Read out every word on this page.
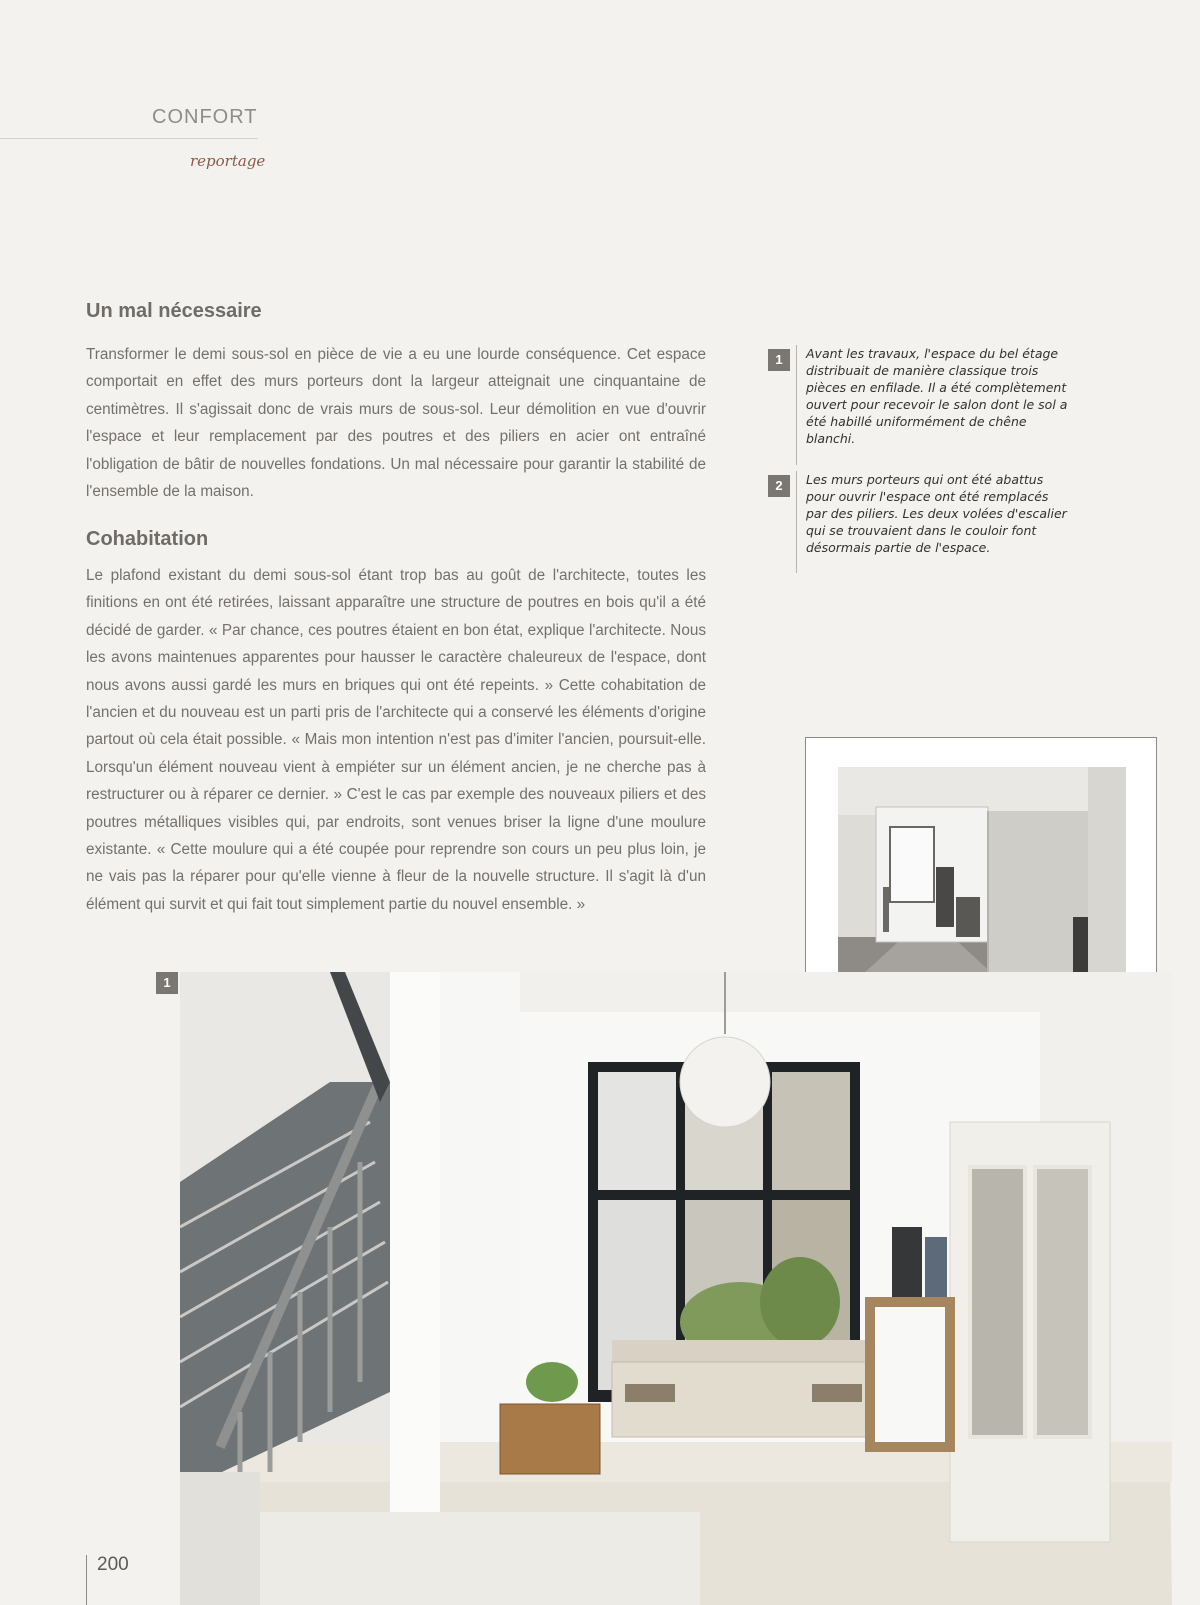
CONFORT
reportage
Un mal nécessaire
Transformer le demi sous-sol en pièce de vie a eu une lourde conséquence. Cet espace comportait en effet des murs porteurs dont la largeur atteignait une cinquantaine de centimètres. Il s'agissait donc de vrais murs de sous-sol. Leur démolition en vue d'ouvrir l'espace et leur remplacement par des poutres et des piliers en acier ont entraîné l'obligation de bâtir de nouvelles fondations. Un mal nécessaire pour garantir la stabilité de l'ensemble de la maison.
Cohabitation
Le plafond existant du demi sous-sol étant trop bas au goût de l'architecte, toutes les finitions en ont été retirées, laissant apparaître une structure de poutres en bois qu'il a été décidé de garder. « Par chance, ces poutres étaient en bon état, explique l'architecte. Nous les avons maintenues apparentes pour hausser le caractère chaleureux de l'espace, dont nous avons aussi gardé les murs en briques qui ont été repeints. » Cette cohabitation de l'ancien et du nouveau est un parti pris de l'architecte qui a conservé les éléments d'origine partout où cela était possible. « Mais mon intention n'est pas d'imiter l'ancien, poursuit-elle. Lorsqu'un élément nouveau vient à empiéter sur un élément ancien, je ne cherche pas à restructurer ou à réparer ce dernier. » C'est le cas par exemple des nouveaux piliers et des poutres métalliques visibles qui, par endroits, sont venues briser la ligne d'une moulure existante. « Cette moulure qui a été coupée pour reprendre son cours un peu plus loin, je ne vais pas la réparer pour qu'elle vienne à fleur de la nouvelle structure. Il s'agit là d'un élément qui survit et qui fait tout simplement partie du nouvel ensemble. »
1	Avant les travaux, l'espace du bel étage distribuait de manière classique trois pièces en enfilade. Il a été complètement ouvert pour recevoir le salon dont le sol a été habillé uniformément de chêne blanchi.
2	Les murs porteurs qui ont été abattus pour ouvrir l'espace ont été remplacés par des piliers. Les deux volées d'escalier qui se trouvaient dans le couloir font désormais partie de l'espace.
1
200
